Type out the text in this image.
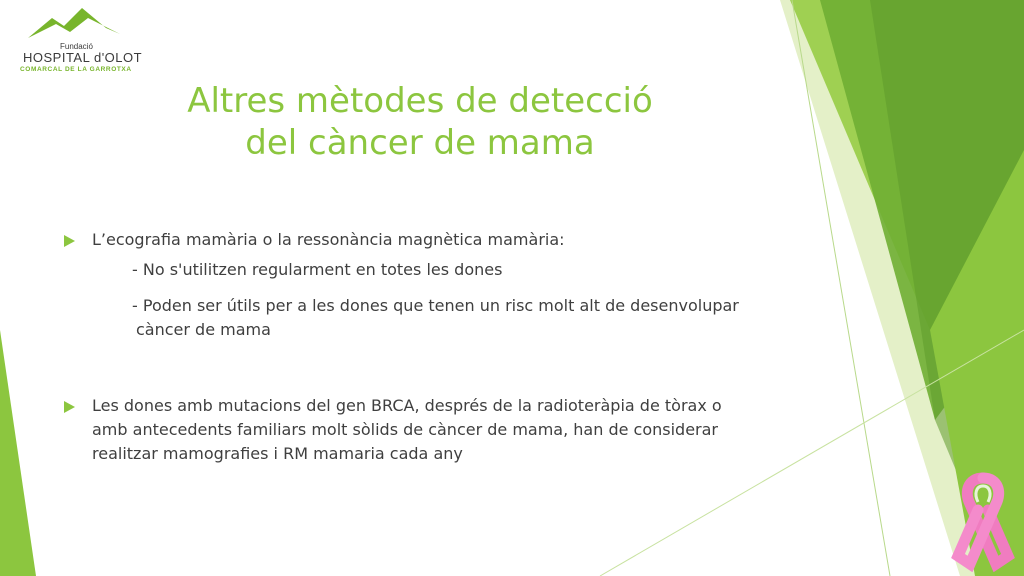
Fundació
HOSPITAL d'OLOT
COMARCAL DE LA GARROTXA
Altres mètodes de detecció
del càncer de mama
L’ecografia mamària o la ressonància magnètica mamària:
- No s'utilitzen regularment en totes les dones
- Poden ser útils per a les dones que tenen un risc molt alt de desenvolupar
càncer de mama
Les dones amb mutacions del gen BRCA, després de la radioteràpia de tòrax o
amb antecedents familiars molt sòlids de càncer de mama, han de considerar
realitzar mamografies i RM mamaria cada any
